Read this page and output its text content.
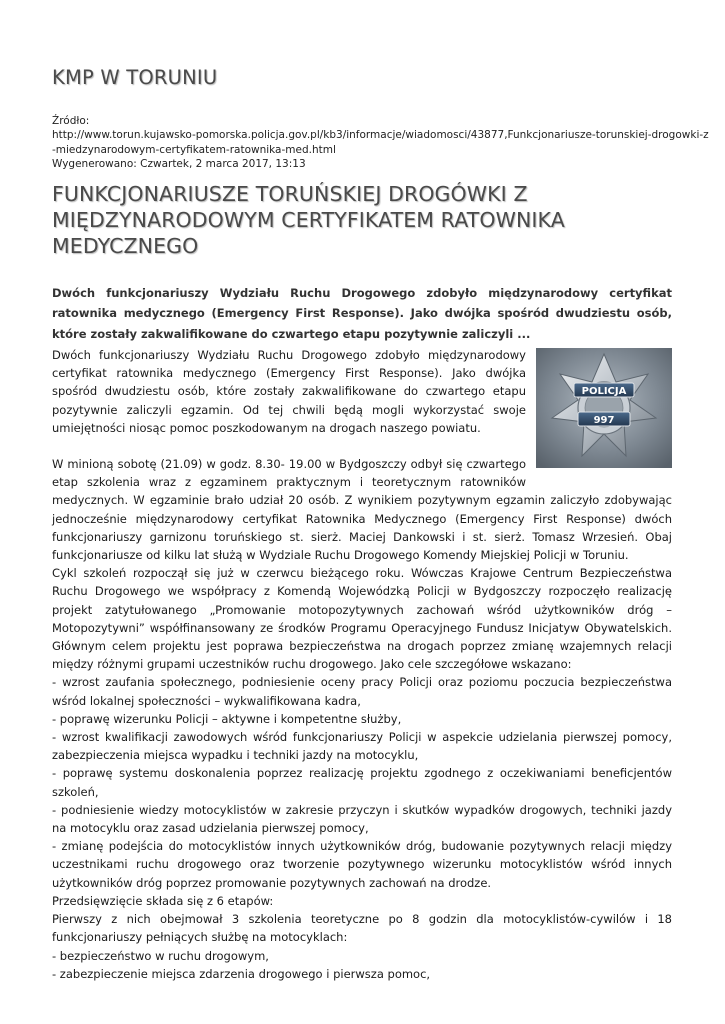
KMP W TORUNIU
Źródło:
http://www.torun.kujawsko-pomorska.policja.gov.pl/kb3/informacje/wiadomosci/43877,Funkcjonariusze-torunskiej-drogowki-z
-miedzynarodowym-certyfikatem-ratownika-med.html
Wygenerowano: Czwartek, 2 marca 2017, 13:13
FUNKCJONARIUSZE TORUŃSKIEJ DROGÓWKI Z MIĘDZYNARODOWYM CERTYFIKATEM RATOWNIKA MEDYCZNEGO

Dwóch funkcjonariuszy Wydziału Ruchu Drogowego zdobyło międzynarodowy certyfikat ratownika medycznego (Emergency First Response). Jako dwójka spośród dwudziestu osób, które zostały zakwalifikowane do czwartego etapu pozytywnie zaliczyli ...

POLICJA
997

Dwóch funkcjonariuszy Wydziału Ruchu Drogowego zdobyło międzynarodowy certyfikat ratownika medycznego (Emergency First Response). Jako dwójka spośród dwudziestu osób, które zostały zakwalifikowane do czwartego etapu pozytywnie zaliczyli egzamin. Od tej chwili będą mogli wykorzystać swoje umiejętności niosąc pomoc poszkodowanym na drogach naszego powiatu.

W minioną sobotę (21.09) w godz. 8.30- 19.00 w Bydgoszczy odbył się czwartego etap szkolenia wraz z egzaminem praktycznym i teoretycznym ratowników medycznych. W egzaminie brało udział 20 osób. Z wynikiem pozytywnym egzamin zaliczyło zdobywając jednocześnie międzynarodowy certyfikat Ratownika Medycznego (Emergency First Response) dwóch funkcjonariuszy garnizonu toruńskiego st. sierż. Maciej Dankowski i st. sierż. Tomasz Wrzesień. Obaj funkcjonariusze od kilku lat służą w Wydziale Ruchu Drogowego Komendy Miejskiej Policji w Toruniu.

Cykl szkoleń rozpoczął się już w czerwcu bieżącego roku. Wówczas Krajowe Centrum Bezpieczeństwa Ruchu Drogowego we współpracy z Komendą Wojewódzką Policji w Bydgoszczy rozpoczęło realizację projekt zatytułowanego „Promowanie motopozytywnych zachowań wśród użytkowników dróg – Motopozytywni” współfinansowany ze środków Programu Operacyjnego Fundusz Inicjatyw Obywatelskich. Głównym celem projektu jest poprawa bezpieczeństwa na drogach poprzez zmianę wzajemnych relacji między różnymi grupami uczestników ruchu drogowego. Jako cele szczegółowe wskazano:

- wzrost zaufania społecznego, podniesienie oceny pracy Policji oraz poziomu poczucia bezpieczeństwa wśród lokalnej społeczności – wykwalifikowana kadra,

- poprawę wizerunku Policji – aktywne i kompetentne służby,

- wzrost kwalifikacji zawodowych wśród funkcjonariuszy Policji w aspekcie udzielania pierwszej pomocy, zabezpieczenia miejsca wypadku i techniki jazdy na motocyklu,

- poprawę systemu doskonalenia poprzez realizację projektu zgodnego z oczekiwaniami beneficjentów szkoleń,

- podniesienie wiedzy motocyklistów w zakresie przyczyn i skutków wypadków drogowych, techniki jazdy na motocyklu oraz zasad udzielania pierwszej pomocy,

- zmianę podejścia do motocyklistów innych użytkowników dróg, budowanie pozytywnych relacji między uczestnikami ruchu drogowego oraz tworzenie pozytywnego wizerunku motocyklistów wśród innych użytkowników dróg poprzez promowanie pozytywnych zachowań na drodze.

Przedsięwzięcie składa się z 6 etapów:

Pierwszy z nich obejmował 3 szkolenia teoretyczne po 8 godzin dla motocyklistów-cywilów i 18 funkcjonariuszy pełniących służbę na motocyklach:

- bezpieczeństwo w ruchu drogowym,

- zabezpieczenie miejsca zdarzenia drogowego i pierwsza pomoc,
